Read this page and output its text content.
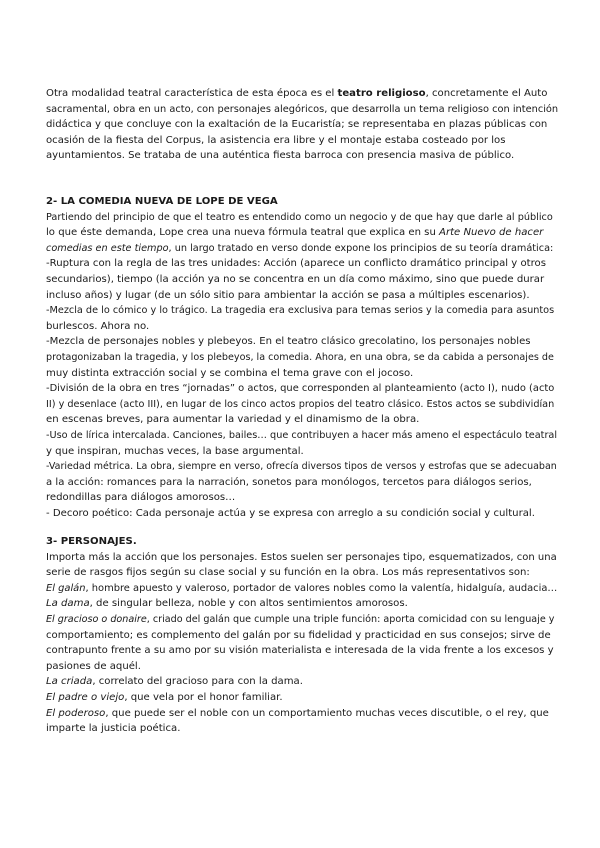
Otra modalidad teatral característica de esta época es el teatro religioso, concretamente el Auto
sacramental, obra en un acto, con personajes alegóricos, que desarrolla un tema religioso con intención
didáctica y que concluye con la exaltación de la Eucaristía; se representaba en plazas públicas con
ocasión de la fiesta del Corpus, la asistencia era libre y el montaje estaba costeado por los
ayuntamientos. Se trataba de una auténtica fiesta barroca con presencia masiva de público.
2- LA COMEDIA NUEVA DE LOPE DE VEGA
Partiendo del principio de que el teatro es entendido como un negocio y de que hay que darle al público
lo que éste demanda, Lope crea una nueva fórmula teatral que explica en su Arte Nuevo de hacer
comedias en este tiempo, un largo tratado en verso donde expone los principios de su teoría dramática:
-Ruptura con la regla de las tres unidades: Acción (aparece un conflicto dramático principal y otros
secundarios), tiempo (la acción ya no se concentra en un día como máximo, sino que puede durar
incluso años) y lugar (de un sólo sitio para ambientar la acción se pasa a múltiples escenarios).
-Mezcla de lo cómico y lo trágico. La tragedia era exclusiva para temas serios y la comedia para asuntos
burlescos. Ahora no.
-Mezcla de personajes nobles y plebeyos. En el teatro clásico grecolatino, los personajes nobles
protagonizaban la tragedia, y los plebeyos, la comedia. Ahora, en una obra, se da cabida a personajes de
muy distinta extracción social y se combina el tema grave con el jocoso.
-División de la obra en tres “jornadas” o actos, que corresponden al planteamiento (acto I), nudo (acto
II) y desenlace (acto III), en lugar de los cinco actos propios del teatro clásico. Estos actos se subdividían
en escenas breves, para aumentar la variedad y el dinamismo de la obra.
-Uso de lírica intercalada. Canciones, bailes… que contribuyen a hacer más ameno el espectáculo teatral
y que inspiran, muchas veces, la base argumental.
-Variedad métrica. La obra, siempre en verso, ofrecía diversos tipos de versos y estrofas que se adecuaban
a la acción: romances para la narración, sonetos para monólogos, tercetos para diálogos serios,
redondillas para diálogos amorosos…
- Decoro poético: Cada personaje actúa y se expresa con arreglo a su condición social y cultural.
3- PERSONAJES.
Importa más la acción que los personajes. Estos suelen ser personajes tipo, esquematizados, con una
serie de rasgos fijos según su clase social y su función en la obra. Los más representativos son:
El galán, hombre apuesto y valeroso, portador de valores nobles como la valentía, hidalguía, audacia…
La dama, de singular belleza, noble y con altos sentimientos amorosos.
El gracioso o donaire, criado del galán que cumple una triple función: aporta comicidad con su lenguaje y
comportamiento; es complemento del galán por su fidelidad y practicidad en sus consejos; sirve de
contrapunto frente a su amo por su visión materialista e interesada de la vida frente a los excesos y
pasiones de aquél.
La criada, correlato del gracioso para con la dama.
El padre o viejo, que vela por el honor familiar.
El poderoso, que puede ser el noble con un comportamiento muchas veces discutible, o el rey, que
imparte la justicia poética.
